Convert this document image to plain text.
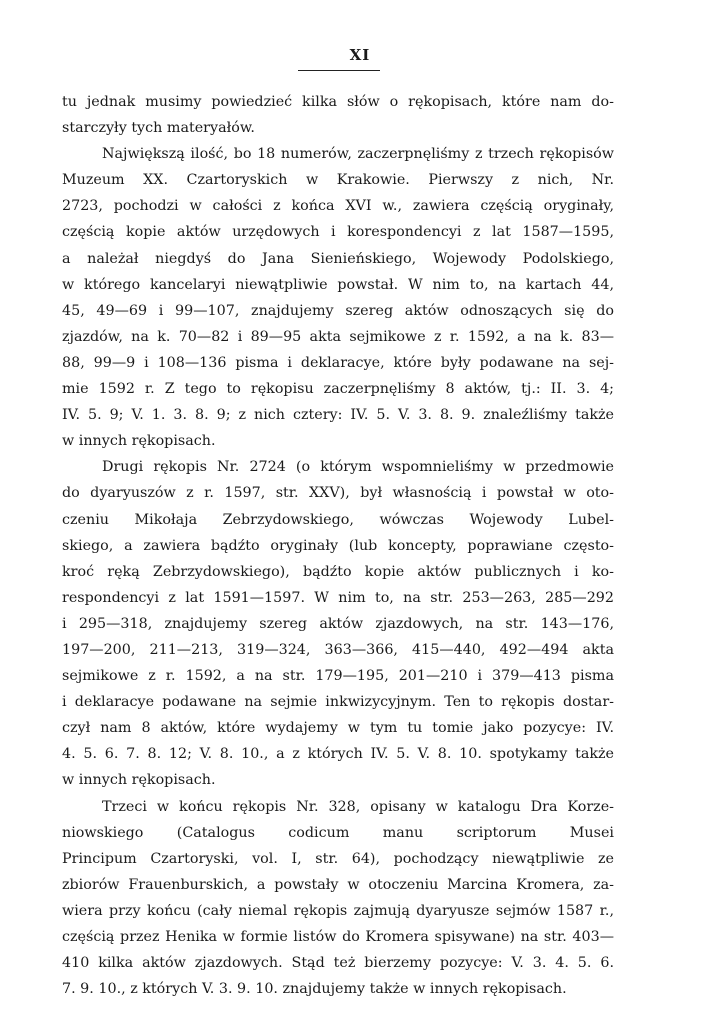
XI
tu jednak musimy powiedzieć kilka słów o rękopisach, które nam do-
starczyły tych materyałów.
Największą ilość, bo 18 numerów, zaczerpnęliśmy z trzech rękopisów
Muzeum XX. Czartoryskich w Krakowie. Pierwszy z nich, Nr.
2723, pochodzi w całości z końca XVI w., zawiera częścią oryginały,
częścią kopie aktów urzędowych i korespondencyi z lat 1587—1595,
a należał niegdyś do Jana Sienieńskiego, Wojewody Podolskiego,
w którego kancelaryi niewątpliwie powstał. W nim to, na kartach 44,
45, 49—69 i 99—107, znajdujemy szereg aktów odnoszących się do
zjazdów, na k. 70—82 i 89—95 akta sejmikowe z r. 1592, a na k. 83—
88, 99—9 i 108—136 pisma i deklaracye, które były podawane na sej-
mie 1592 r. Z tego to rękopisu zaczerpnęliśmy 8 aktów, tj.: II. 3. 4;
IV. 5. 9; V. 1. 3. 8. 9; z nich cztery: IV. 5. V. 3. 8. 9. znaleźliśmy także
w innych rękopisach.
Drugi rękopis Nr. 2724 (o którym wspomnieliśmy w przedmowie
do dyaryuszów z r. 1597, str. XXV), był własnością i powstał w oto-
czeniu Mikołaja Zebrzydowskiego, wówczas Wojewody Lubel-
skiego, a zawiera bądźto oryginały (lub koncepty, poprawiane często-
kroć ręką Zebrzydowskiego), bądźto kopie aktów publicznych i ko-
respondencyi z lat 1591—1597. W nim to, na str. 253—263, 285—292
i 295—318, znajdujemy szereg aktów zjazdowych, na str. 143—176,
197—200, 211—213, 319—324, 363—366, 415—440, 492—494 akta
sejmikowe z r. 1592, a na str. 179—195, 201—210 i 379—413 pisma
i deklaracye podawane na sejmie inkwizycyjnym. Ten to rękopis dostar-
czył nam 8 aktów, które wydajemy w tym tu tomie jako pozycye: IV.
4. 5. 6. 7. 8. 12; V. 8. 10., a z których IV. 5. V. 8. 10. spotykamy także
w innych rękopisach.
Trzeci w końcu rękopis Nr. 328, opisany w katalogu Dra Korze-
niowskiego (Catalogus codicum manu scriptorum Musei
Principum Czartoryski, vol. I, str. 64), pochodzący niewątpliwie ze
zbiorów Frauenburskich, a powstały w otoczeniu Marcina Kromera, za-
wiera przy końcu (cały niemal rękopis zajmują dyaryusze sejmów 1587 r.,
częścią przez Henika w formie listów do Kromera spisywane) na str. 403—
410 kilka aktów zjazdowych. Stąd też bierzemy pozycye: V. 3. 4. 5. 6.
7. 9. 10., z których V. 3. 9. 10. znajdujemy także w innych rękopisach.
